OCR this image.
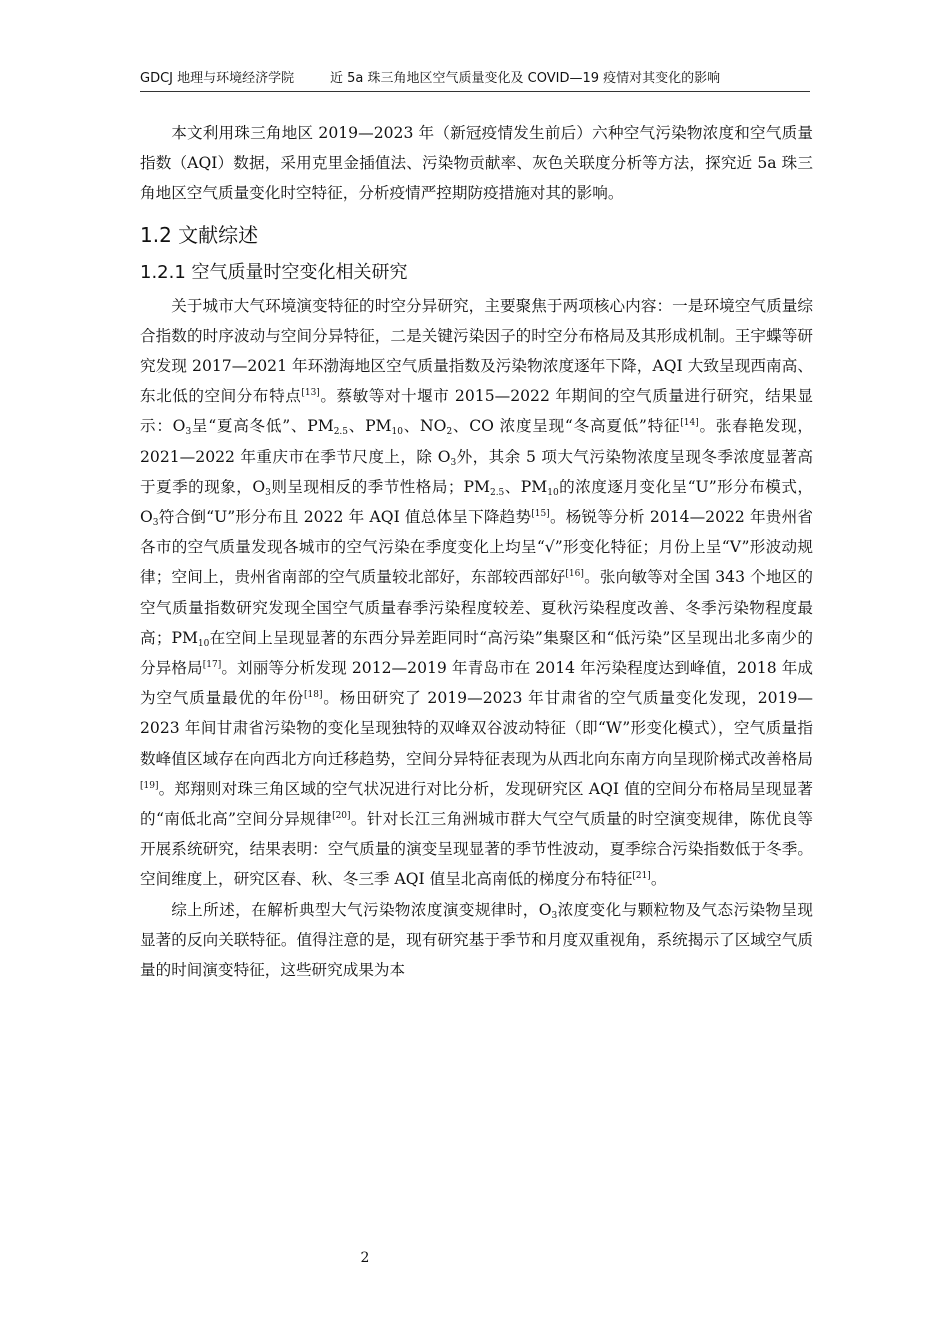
GDCJ 地理与环境经济学院	近 5a 珠三角地区空气质量变化及 COVID—19 疫情对其变化的影响

本文利用珠三角地区 2019—2023 年（新冠疫情发生前后）六种空气污染物浓度和空气质量指数（AQI）数据，采用克里金插值法、污染物贡献率、灰色关联度分析等方法，探究近 5a 珠三角地区空气质量变化时空特征，分析疫情严控期防疫措施对其的影响。

1.2 文献综述
1.2.1 空气质量时空变化相关研究

关于城市大气环境演变特征的时空分异研究，主要聚焦于两项核心内容：一是环境空气质量综合指数的时序波动与空间分异特征，二是关键污染因子的时空分布格局及其形成机制。王宇蝶等研究发现 2017—2021 年环渤海地区空气质量指数及污染物浓度逐年下降，AQI 大致呈现西南高、东北低的空间分布特点[13]。蔡敏等对十堰市 2015—2022 年期间的空气质量进行研究，结果显示：$O_3$呈“夏高冬低”、$PM_{2.5}$、$PM_{10}$、$NO_2$、CO 浓度呈现“冬高夏低”特征[14]。张春艳发现，2021—2022 年重庆市在季节尺度上，除 $O_3$外，其余 5 项大气污染物浓度呈现冬季浓度显著高于夏季的现象，$O_3$则呈现相反的季节性格局；$PM_{2.5}$、$PM_{10}$的浓度逐月变化呈“U”形分布模式，$O_3$符合倒“U”形分布且 2022 年 AQI 值总体呈下降趋势[15]。杨锐等分析 2014—2022 年贵州省各市的空气质量发现各城市的空气污染在季度变化上均呈“√”形变化特征；月份上呈“V”形波动规律；空间上，贵州省南部的空气质量较北部好，东部较西部好[16]。张向敏等对全国 343 个地区的空气质量指数研究发现全国空气质量春季污染程度较差、夏秋污染程度改善、冬季污染物程度最高；$PM_{10}$在空间上呈现显著的东西分异差距同时“高污染”集聚区和“低污染”区呈现出北多南少的分异格局[17]。刘丽等分析发现 2012—2019 年青岛市在 2014 年污染程度达到峰值，2018 年成为空气质量最优的年份[18]。杨田研究了 2019—2023 年甘肃省的空气质量变化发现，2019—2023 年间甘肃省污染物的变化呈现独特的双峰双谷波动特征（即“W”形变化模式），空气质量指数峰值区域存在向西北方向迁移趋势，空间分异特征表现为从西北向东南方向呈现阶梯式改善格局[19]。郑翔则对珠三角区域的空气状况进行对比分析，发现研究区 AQI 值的空间分布格局呈现显著的“南低北高”空间分异规律[20]。针对长江三角洲城市群大气空气质量的时空演变规律，陈优良等开展系统研究，结果表明：空气质量的演变呈现显著的季节性波动，夏季综合污染指数低于冬季。空间维度上，研究区春、秋、冬三季 AQI 值呈北高南低的梯度分布特征[21]。

综上所述，在解析典型大气污染物浓度演变规律时，$O_3$浓度变化与颗粒物及气态污染物呈现显著的反向关联特征。值得注意的是，现有研究基于季节和月度双重视角，系统揭示了区域空气质量的时间演变特征，这些研究成果为本

2
